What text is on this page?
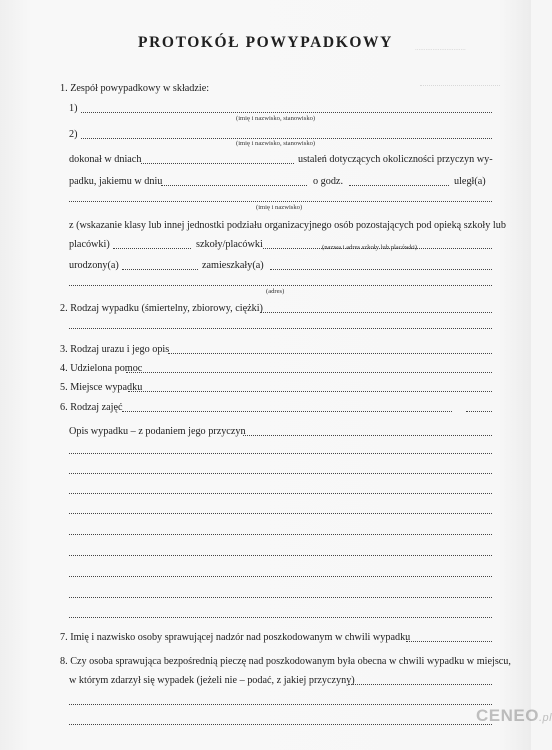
PROTOKÓŁ POWYPADKOWY	.............................
1. Zespół powypadkowy w składzie:
1)
(imię i nazwisko, stanowisko)
2)
(imię i nazwisko, stanowisko)
dokonał w dniach	ustaleń dotyczących okoliczności przyczyn wy-
padku, jakiemu w dniu	o godz.	uległ(a)
(imię i nazwisko)
z (wskazanie klasy lub innej jednostki podziału organizacyjnego osób pozostających pod opieką szkoły lub
placówki)	szkoły/placówki	(nazwa i adres szkoły lub placówki)
urodzony(a)	zamieszkały(a)
(adres)
2. Rodzaj wypadku (śmiertelny, zbiorowy, ciężki)
3. Rodzaj urazu i jego opis
4. Udzielona pomoc
5. Miejsce wypadku
6. Rodzaj zajęć
Opis wypadku – z podaniem jego przyczyn
7. Imię i nazwisko osoby sprawującej nadzór nad poszkodowanym w chwili wypadku
8. Czy osoba sprawująca bezpośrednią pieczę nad poszkodowanym była obecna w chwili wypadku w miejscu,
w którym zdarzył się wypadek (jeżeli nie – podać, z jakiej przyczyny)
CENEO.pl
